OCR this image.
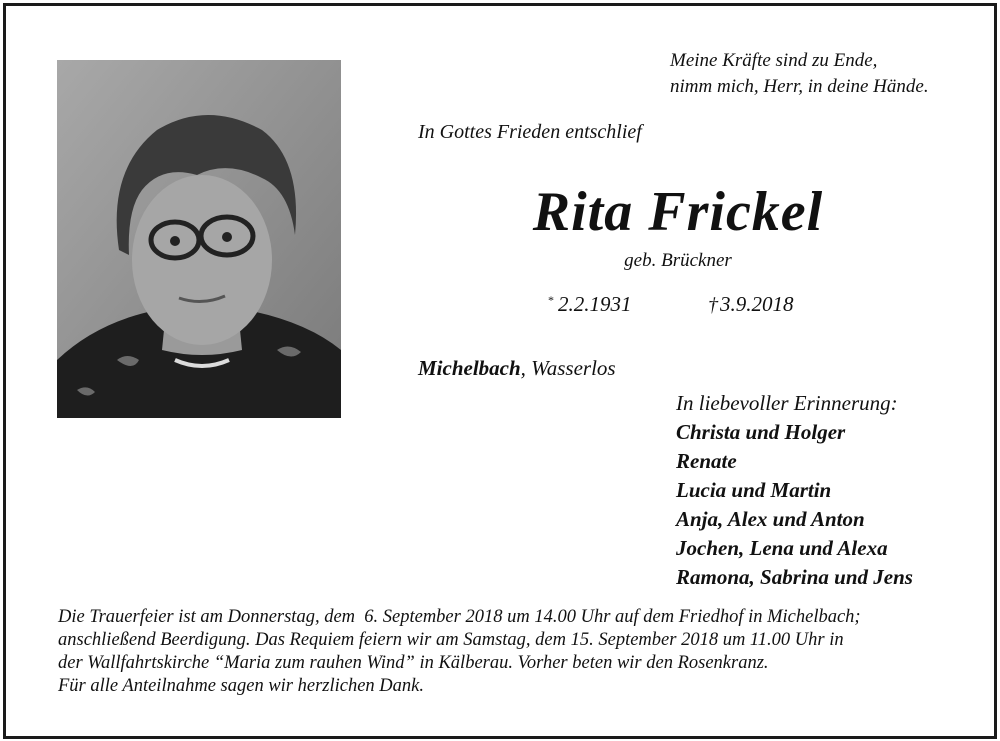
Meine Kräfte sind zu Ende,
nimm mich, Herr, in deine Hände.
In Gottes Frieden entschlief
Rita Frickel
geb. Brückner
* 2.2.1931	†3.9.2018
Michelbach, Wasserlos
In liebevoller Erinnerung:
Christa und Holger
Renate
Lucia und Martin
Anja, Alex und Anton
Jochen, Lena und Alexa
Ramona, Sabrina und Jens
Die Trauerfeier ist am Donnerstag, dem  6. September 2018 um 14.00 Uhr auf dem Friedhof in Michelbach;
anschließend Beerdigung. Das Requiem feiern wir am Samstag, dem 15. September 2018 um 11.00 Uhr in
der Wallfahrtskirche “Maria zum rauhen Wind” in Kälberau. Vorher beten wir den Rosenkranz.
Für alle Anteilnahme sagen wir herzlichen Dank.
